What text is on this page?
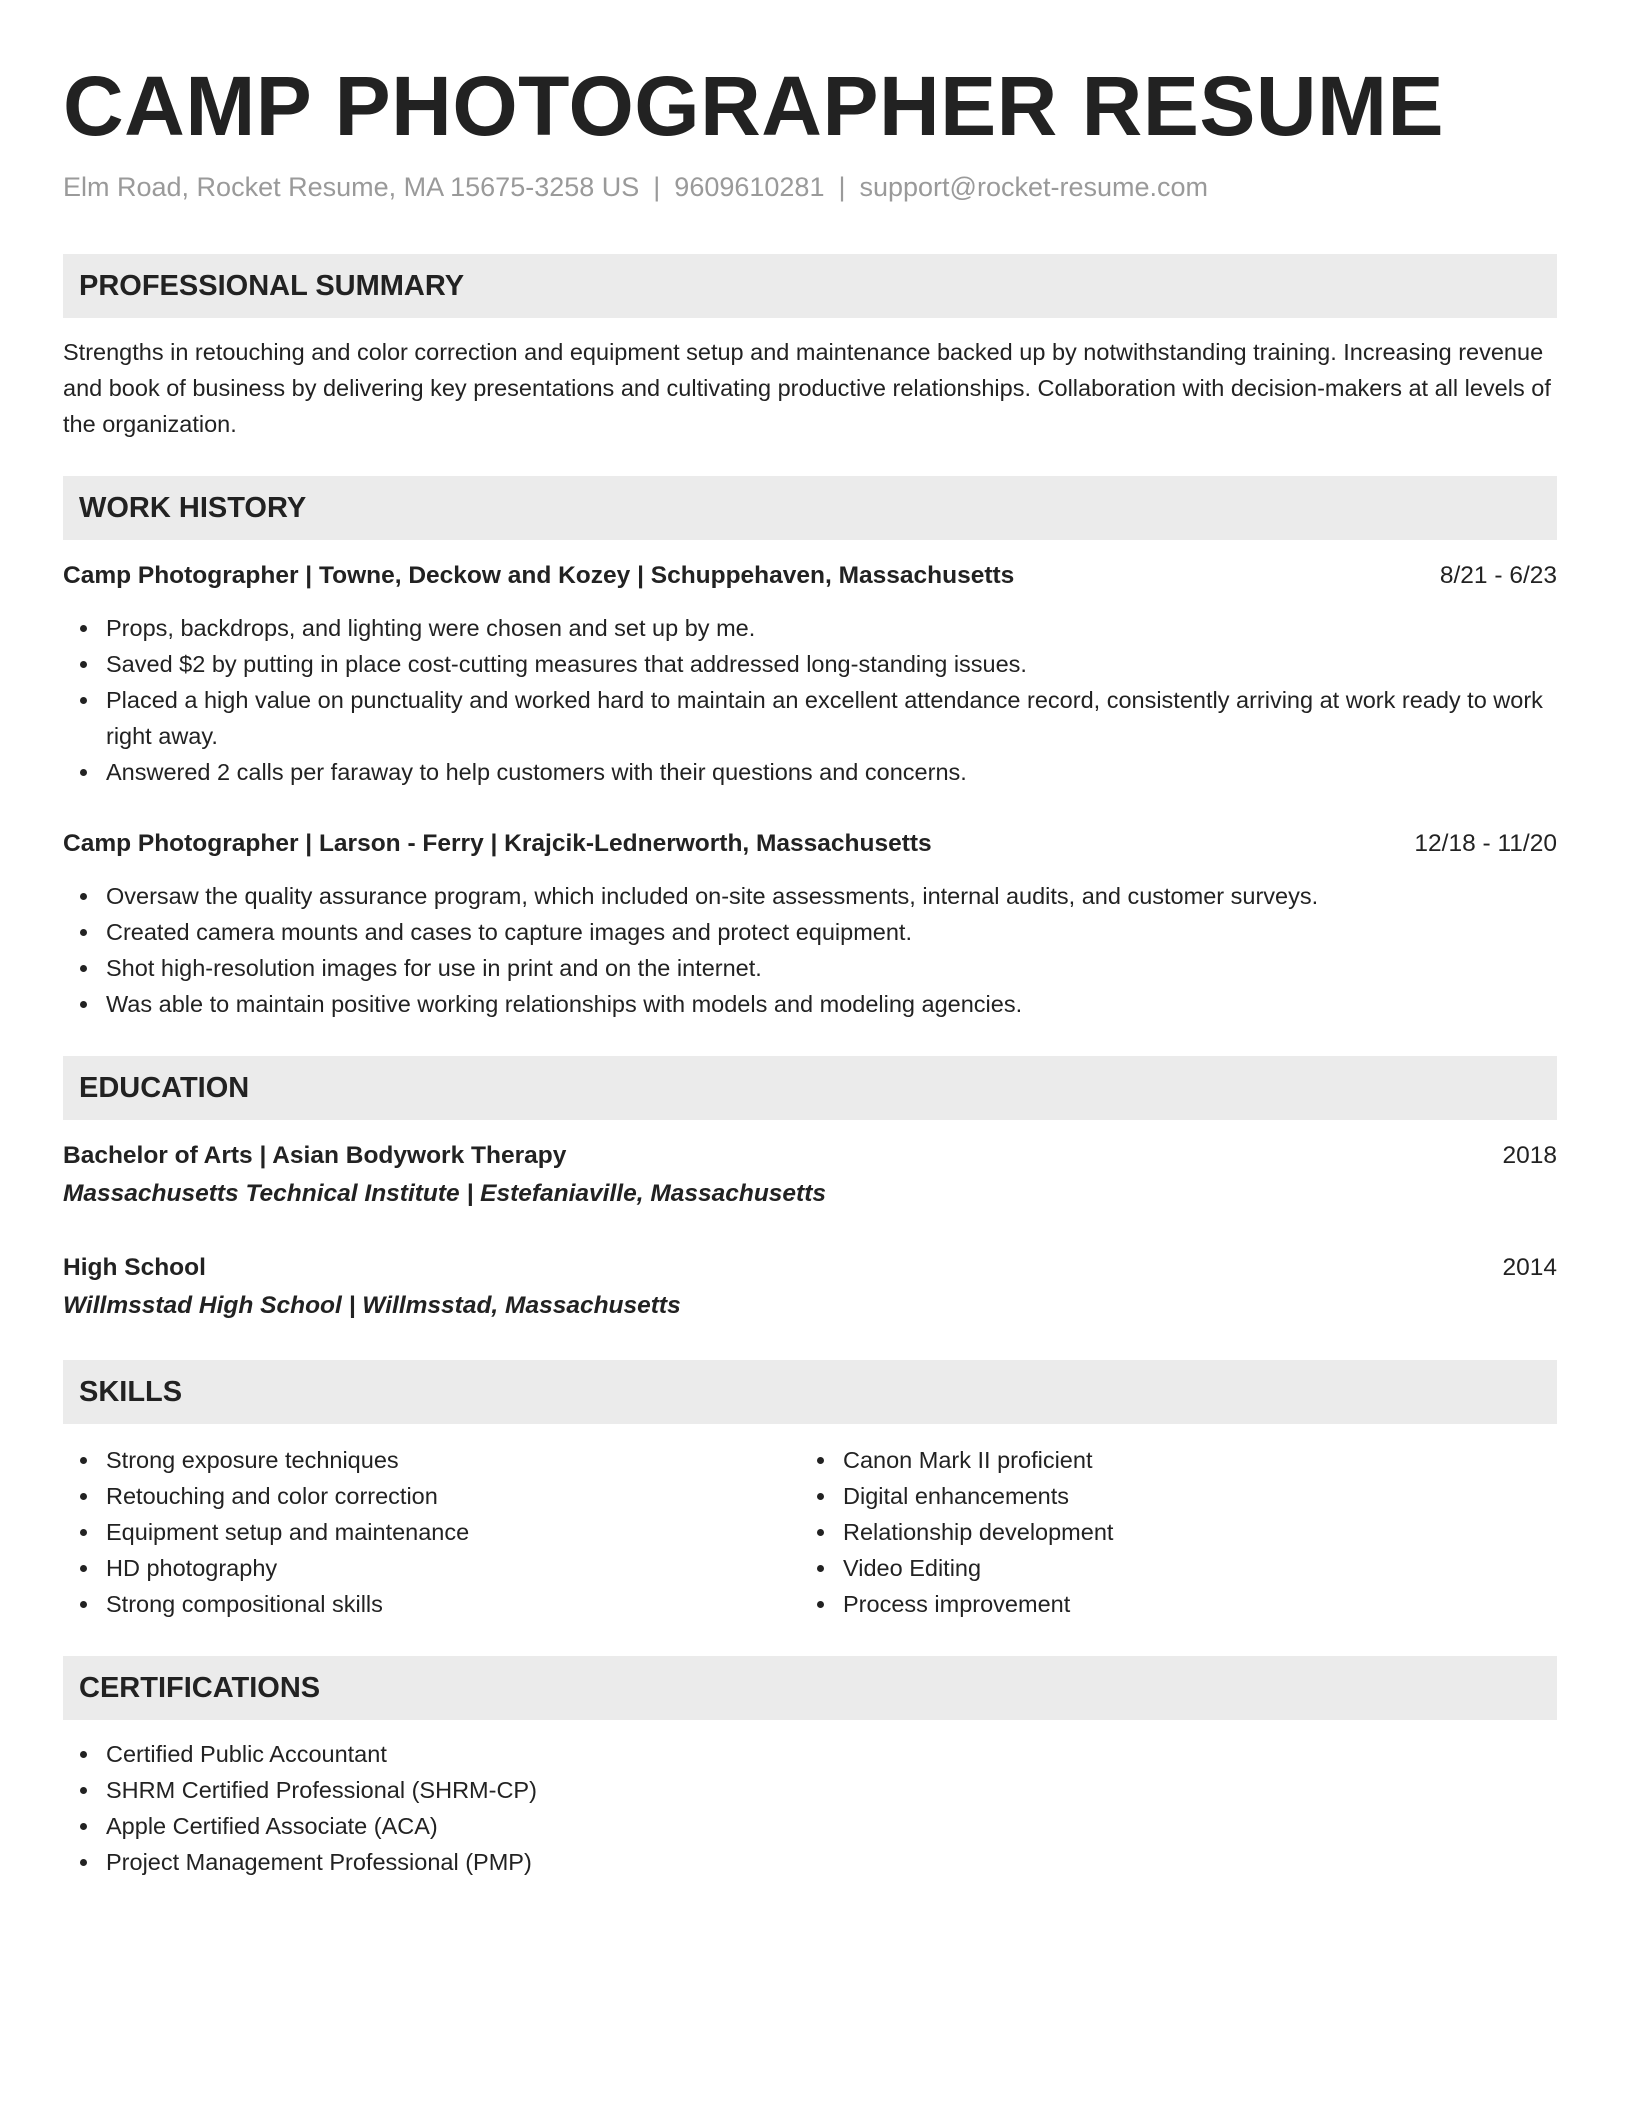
CAMP PHOTOGRAPHER RESUME
Elm Road, Rocket Resume, MA 15675-3258 US | 9609610281 | support@rocket-resume.com
PROFESSIONAL SUMMARY
Strengths in retouching and color correction and equipment setup and maintenance backed up by notwithstanding training. Increasing revenue and book of business by delivering key presentations and cultivating productive relationships. Collaboration with decision-makers at all levels of the organization.
WORK HISTORY
Camp Photographer | Towne, Deckow and Kozey | Schuppehaven, Massachusetts	8/21 - 6/23
Props, backdrops, and lighting were chosen and set up by me.
Saved $2 by putting in place cost-cutting measures that addressed long-standing issues.
Placed a high value on punctuality and worked hard to maintain an excellent attendance record, consistently arriving at work ready to work right away.
Answered 2 calls per faraway to help customers with their questions and concerns.
Camp Photographer | Larson - Ferry | Krajcik-Lednerworth, Massachusetts	12/18 - 11/20
Oversaw the quality assurance program, which included on-site assessments, internal audits, and customer surveys.
Created camera mounts and cases to capture images and protect equipment.
Shot high-resolution images for use in print and on the internet.
Was able to maintain positive working relationships with models and modeling agencies.
EDUCATION
Bachelor of Arts | Asian Bodywork Therapy	2018
Massachusetts Technical Institute | Estefaniaville, Massachusetts
High School	2014
Willmsstad High School | Willmsstad, Massachusetts
SKILLS
Strong exposure techniques
Retouching and color correction
Equipment setup and maintenance
HD photography
Strong compositional skills
Canon Mark II proficient
Digital enhancements
Relationship development
Video Editing
Process improvement
CERTIFICATIONS
Certified Public Accountant
SHRM Certified Professional (SHRM-CP)
Apple Certified Associate (ACA)
Project Management Professional (PMP)
